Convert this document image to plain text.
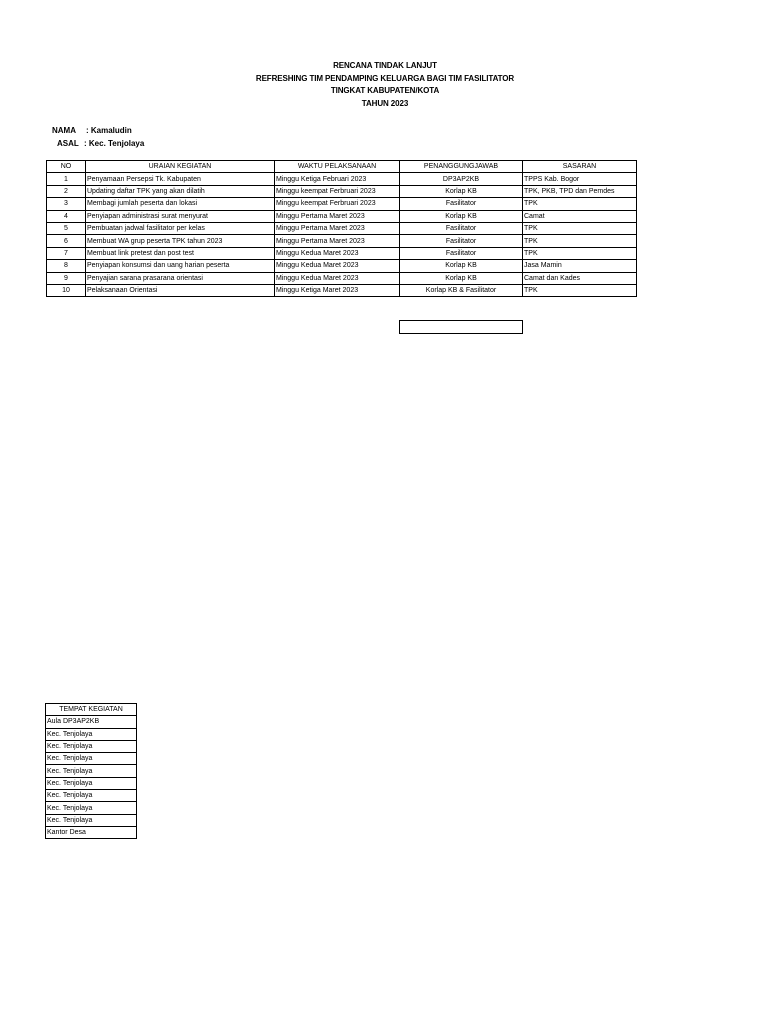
RENCANA TINDAK LANJUT
REFRESHING TIM PENDAMPING KELUARGA BAGI TIM FASILITATOR
TINGKAT KABUPATEN/KOTA
TAHUN 2023
NAMA : Kamaludin
ASAL : Kec. Tenjolaya
NO	URAIAN KEGIATAN	WAKTU PELAKSANAAN	PENANGGUNGJAWAB	SASARAN
1	Penyamaan Persepsi Tk. Kabupaten	Minggu Ketiga Februari 2023	DP3AP2KB	TPPS Kab. Bogor
2	Updating daftar TPK yang akan dilatih	Minggu keempat Ferbruari 2023	Korlap KB	TPK, PKB, TPD dan Pemdes
3	Membagi jumlah peserta dan lokasi	Minggu keempat Ferbruari 2023	Fasilitator	TPK
4	Penyiapan administrasi surat menyurat	Minggu Pertama Maret 2023	Korlap KB	Camat
5	Pembuatan jadwal fasilitator per kelas	Minggu Pertama Maret 2023	Fasilitator	TPK
6	Membuat WA grup peserta TPK tahun 2023	Minggu Pertama Maret 2023	Fasilitator	TPK
7	Membuat link pretest dan post test	Minggu Kedua Maret 2023	Fasilitator	TPK
8	Penyiapan konsumsi dan uang harian peserta	Minggu Kedua Maret 2023	Korlap KB	Jasa Mamin
9	Penyajian sarana prasarana orientasi	Minggu Kedua Maret 2023	Korlap KB	Camat dan Kades
10	Pelaksanaan Orientasi	Minggu Ketiga Maret 2023	Korlap KB & Fasilitator	TPK
TEMPAT KEGIATAN
Aula DP3AP2KB
Kec. Tenjolaya
Kec. Tenjolaya
Kec. Tenjolaya
Kec. Tenjolaya
Kec. Tenjolaya
Kec. Tenjolaya
Kec. Tenjolaya
Kec. Tenjolaya
Kantor Desa
